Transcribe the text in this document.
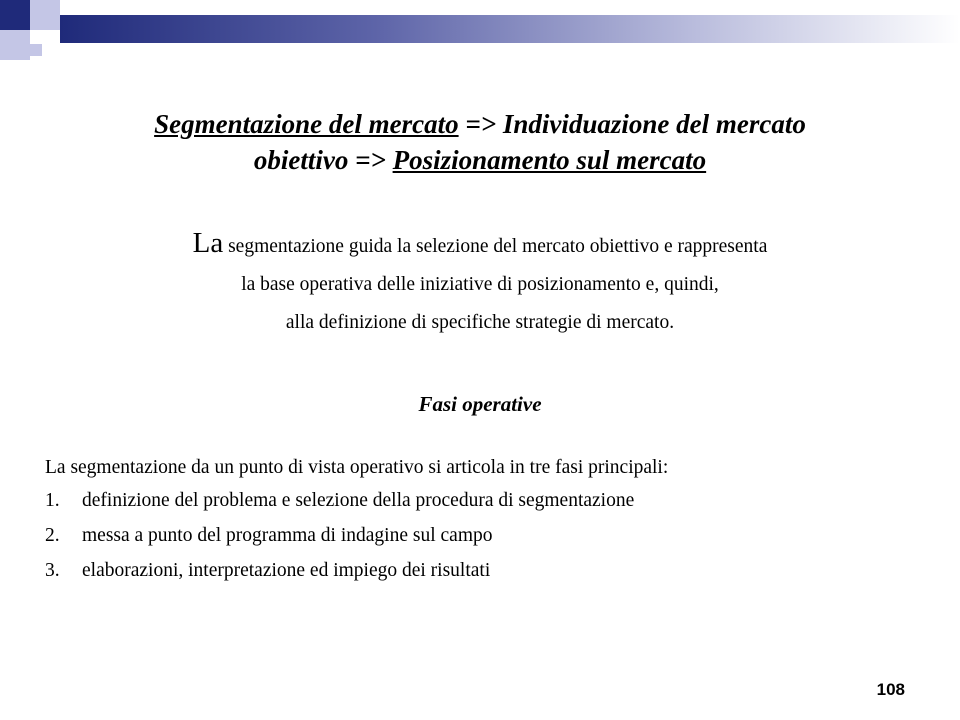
Segmentazione del mercato => Individuazione del mercato
obiettivo => Posizionamento sul mercato

La segmentazione guida la selezione del mercato obiettivo e rappresenta
la base operativa delle iniziative di posizionamento e, quindi,
alla definizione di specifiche strategie di mercato.

Fasi operative

La segmentazione da un punto di vista operativo si articola in tre fasi principali:

1.	definizione del problema e selezione della procedura di segmentazione
2.	messa a punto del programma di indagine sul campo
3.	elaborazioni, interpretazione ed impiego dei risultati
108
